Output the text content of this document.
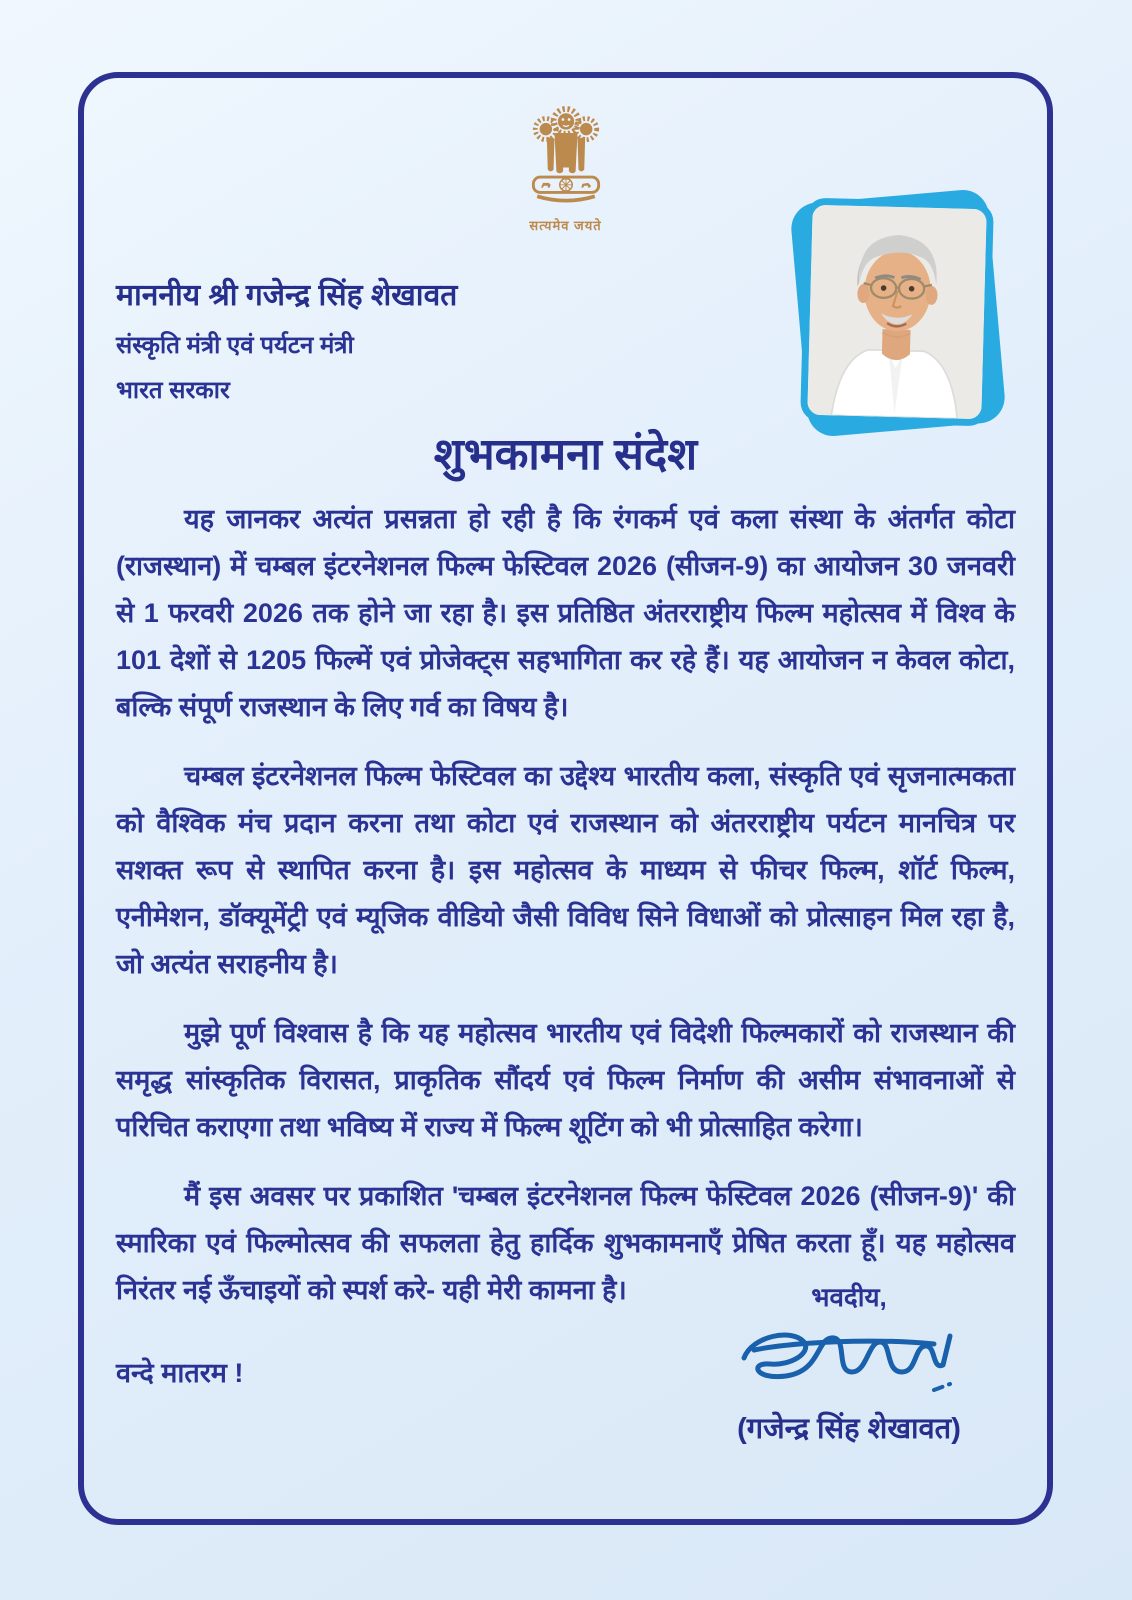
सत्यमेव जयते
माननीय श्री गजेन्द्र सिंह शेखावत
संस्कृति मंत्री एवं पर्यटन मंत्री
भारत सरकार
शुभकामना संदेश

यह जानकर अत्यंत प्रसन्नता हो रही है कि रंगकर्म एवं कला संस्था के अंतर्गत कोटा (राजस्थान) में चम्बल इंटरनेशनल फिल्म फेस्टिवल 2026 (सीजन-9) का आयोजन 30 जनवरी से 1 फरवरी 2026 तक होने जा रहा है। इस प्रतिष्ठित अंतरराष्ट्रीय फिल्म महोत्सव में विश्व के 101 देशों से 1205 फिल्में एवं प्रोजेक्ट्स सहभागिता कर रहे हैं। यह आयोजन न केवल कोटा, बल्कि संपूर्ण राजस्थान के लिए गर्व का विषय है।

चम्बल इंटरनेशनल फिल्म फेस्टिवल का उद्देश्य भारतीय कला, संस्कृति एवं सृजनात्मकता को वैश्विक मंच प्रदान करना तथा कोटा एवं राजस्थान को अंतरराष्ट्रीय पर्यटन मानचित्र पर सशक्त रूप से स्थापित करना है। इस महोत्सव के माध्यम से फीचर फिल्म, शॉर्ट फिल्म, एनीमेशन, डॉक्यूमेंट्री एवं म्यूजिक वीडियो जैसी विविध सिने विधाओं को प्रोत्साहन मिल रहा है, जो अत्यंत सराहनीय है।

मुझे पूर्ण विश्वास है कि यह महोत्सव भारतीय एवं विदेशी फिल्मकारों को राजस्थान की समृद्ध सांस्कृतिक विरासत, प्राकृतिक सौंदर्य एवं फिल्म निर्माण की असीम संभावनाओं से परिचित कराएगा तथा भविष्य में राज्य में फिल्म शूटिंग को भी प्रोत्साहित करेगा।

मैं इस अवसर पर प्रकाशित 'चम्बल इंटरनेशनल फिल्म फेस्टिवल 2026 (सीजन-9)' की स्मारिका एवं फिल्मोत्सव की सफलता हेतु हार्दिक शुभकामनाएँ प्रेषित करता हूँ। यह महोत्सव निरंतर नई ऊँचाइयों को स्पर्श करे- यही मेरी कामना है।

वन्दे मातरम !

भवदीय,
(गजेन्द्र सिंह शेखावत)
